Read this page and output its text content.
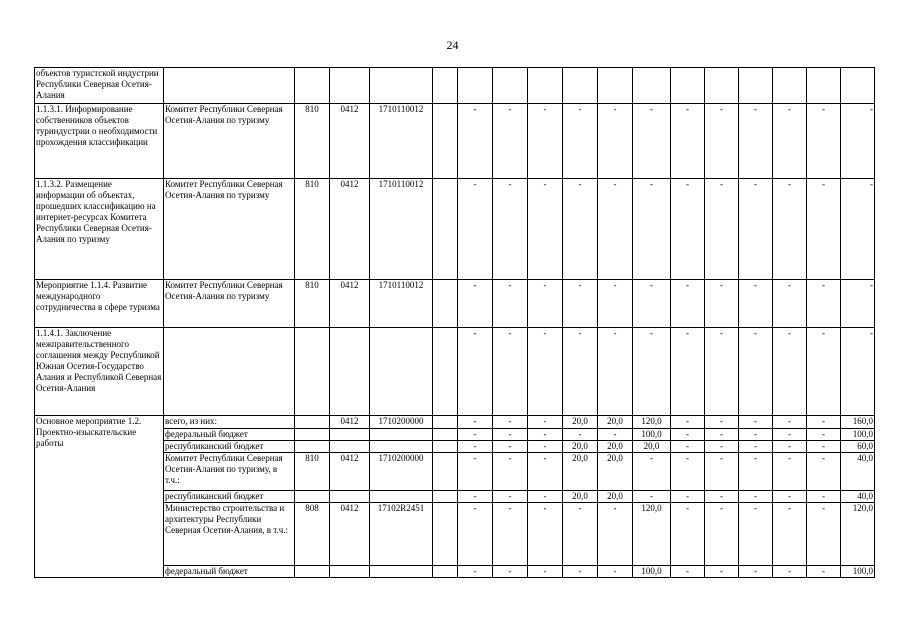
24
объектов туристской индустрии Республики Северная Осетия-Алания																	
1.1.3.1. Информирование собственников объектов туриндустрии о необходимости прохождения классификации	Комитет Республики Северная Осетия-Алания по туризму	810	0412	1710110012		-	-	-	-	-	-	-	-	-	-	-	-
1.1.3.2. Размещение информации об объектах, прошедших классификацию на интернет-ресурсах Комитета Республики Северная Осетия-Алания по туризму	Комитет Республики Северная Осетия-Алания по туризму	810	0412	1710110012		-	-	-	-	-	-	-	-	-	-	-	-
Мероприятие 1.1.4. Развитие международного сотрудничества в сфере туризма	Комитет Республики Северная Осетия-Алания по туризму	810	0412	1710110012		-	-	-	-	-	-	-	-	-	-	-	-
1.1.4.1. Заключение межправительственного соглашения между Республикой Южная Осетия-Государство Алания и Республикой Северная Осетия-Алания						-	-	-	-	-	-	-	-	-	-	-	-
Основное мероприятие 1.2. Проектно-изыскательские работы	всего, из них:		0412	1710200000		-	-	-	20,0	20,0	120,0	-	-	-	-	-	160,0
	федеральный бюджет					-	-	-	-	-	100,0	-	-	-	-	-	100,0
	республиканский бюджет					-	-	-	20,0	20,0	20,0	-	-	-	-	-	60,0
	Комитет Республики Северная Осетия-Алания по туризму, в т.ч.:	810	0412	1710200000		-	-	-	20,0	20,0	-	-	-	-	-	-	40,0
	республиканский бюджет					-	-	-	20,0	20,0	-	-	-	-	-	-	40,0
	Министерство строительства и архитектуры Республики Северная Осетия-Алания, в т.ч.:	808	0412	17102R2451		-	-	-	-	-	120,0	-	-	-	-	-	120,0
	федеральный бюджет					-	-	-	-	-	100,0	-	-	-	-	-	100,0
